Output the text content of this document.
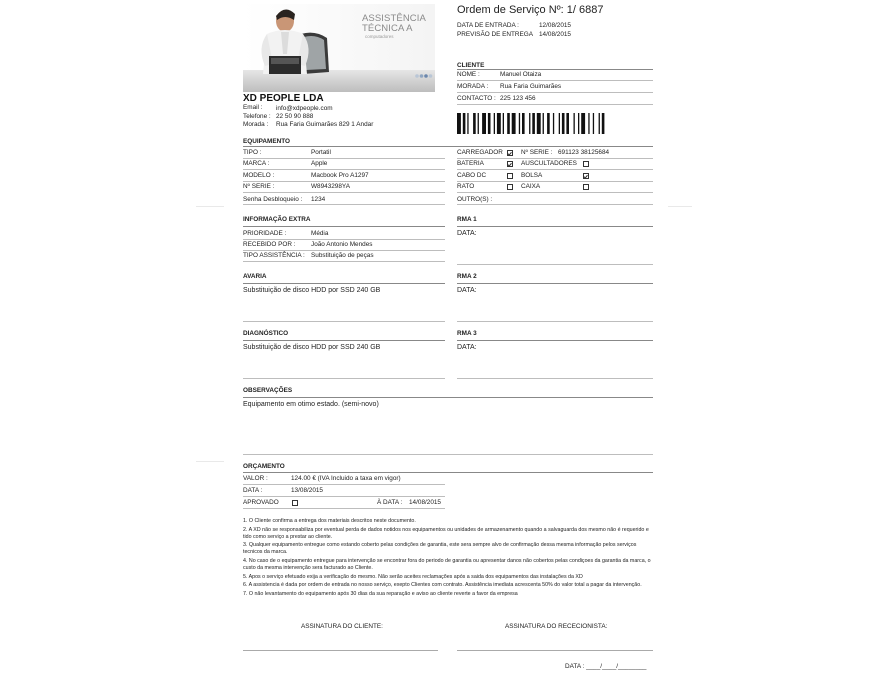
ASSISTÊNCIA
TÉCNICA A
computadores
XD PEOPLE LDA
Email : info@xdpeople.com
Telefone : 22 50 90 888
Morada : Rua Faria Guimarães 829 1 Andar
Ordem de Serviço Nº: 1/ 6887
DATA DE ENTRADA :	12/08/2015
PREVISÃO DE ENTREGA 14/08/2015
CLIENTE
NOME :	Manuel Otaiza
MORADA : Rua Faria Guimarães
CONTACTO : 225 123 456
EQUIPAMENTO
TIPO :	Portatil
MARCA :	Apple
MODELO :	Macbook Pro A1297
Nº SERIE :	W8943298YA
Senha Desbloqueio : 1234
CARREGADOR	Nº SERIE : 691123 38125684
BATERIA	AUSCULTADORES
CABO DC	BOLSA
RATO	CAIXA
OUTRO(S) :
INFORMAÇÃO EXTRA
PRIORIDADE :	Média
RECEBIDO POR : João Antonio Mendes
TIPO ASSISTÊNCIA : Substituição de peças
RMA 1
DATA:
RMA 2
DATA:
RMA 3
DATA:
AVARIA
Substituição de disco HDD por SSD 240 GB
DIAGNÓSTICO
Substituição de disco HDD por SSD 240 GB
OBSERVAÇÕES
Equipamento em otimo estado. (semi-novo)
ORÇAMENTO
VALOR :	124.00 € (IVA Incluido a taxa em vigor)
DATA :	13/08/2015
APROVADO	À DATA : 14/08/2015
1. O Cliente confirma a entrega dos materiais descritos neste documento.
2. A XD não se responsabiliza por eventual perda de dados notidos nos equipamentos ou unidades de armazenamento quando a salvaguarda dos mesmo não é requerido e tido como serviço a prestar ao cliente.
3. Qualquer equipamento entregue como estando coberto pelas condições de garantia, este sera sempre alvo de confirmação dessa mesma informação pelos serviços tecnicos da marca.
4. No caso de o equipamento entregue para intervenção se encontrar fora do periodo de garantia ou apresentar danos não cobertos pelas condiçoes da garantia da marca, o custo da mesma intervenção sera facturado ao Cliente.
5. Apos o serviço efetuado exija a verificação do mesmo. Não serão aceites reclamações após a saida dos equipamentos das instalações da XD
6. A assistencia é dada por ordem de entrada no nosso serviço, exepto Clientes com contrato. Assistência imediata acrescenta 50% do valor total a pagar da intervenção.
7. O não levantamento do equipamento após 30 dias da sua reparação e aviso ao cliente reverte a favor da empresa
ASSINATURA DO CLIENTE:	ASSINATURA DO RECECIONISTA:
DATA : ____/____/________
